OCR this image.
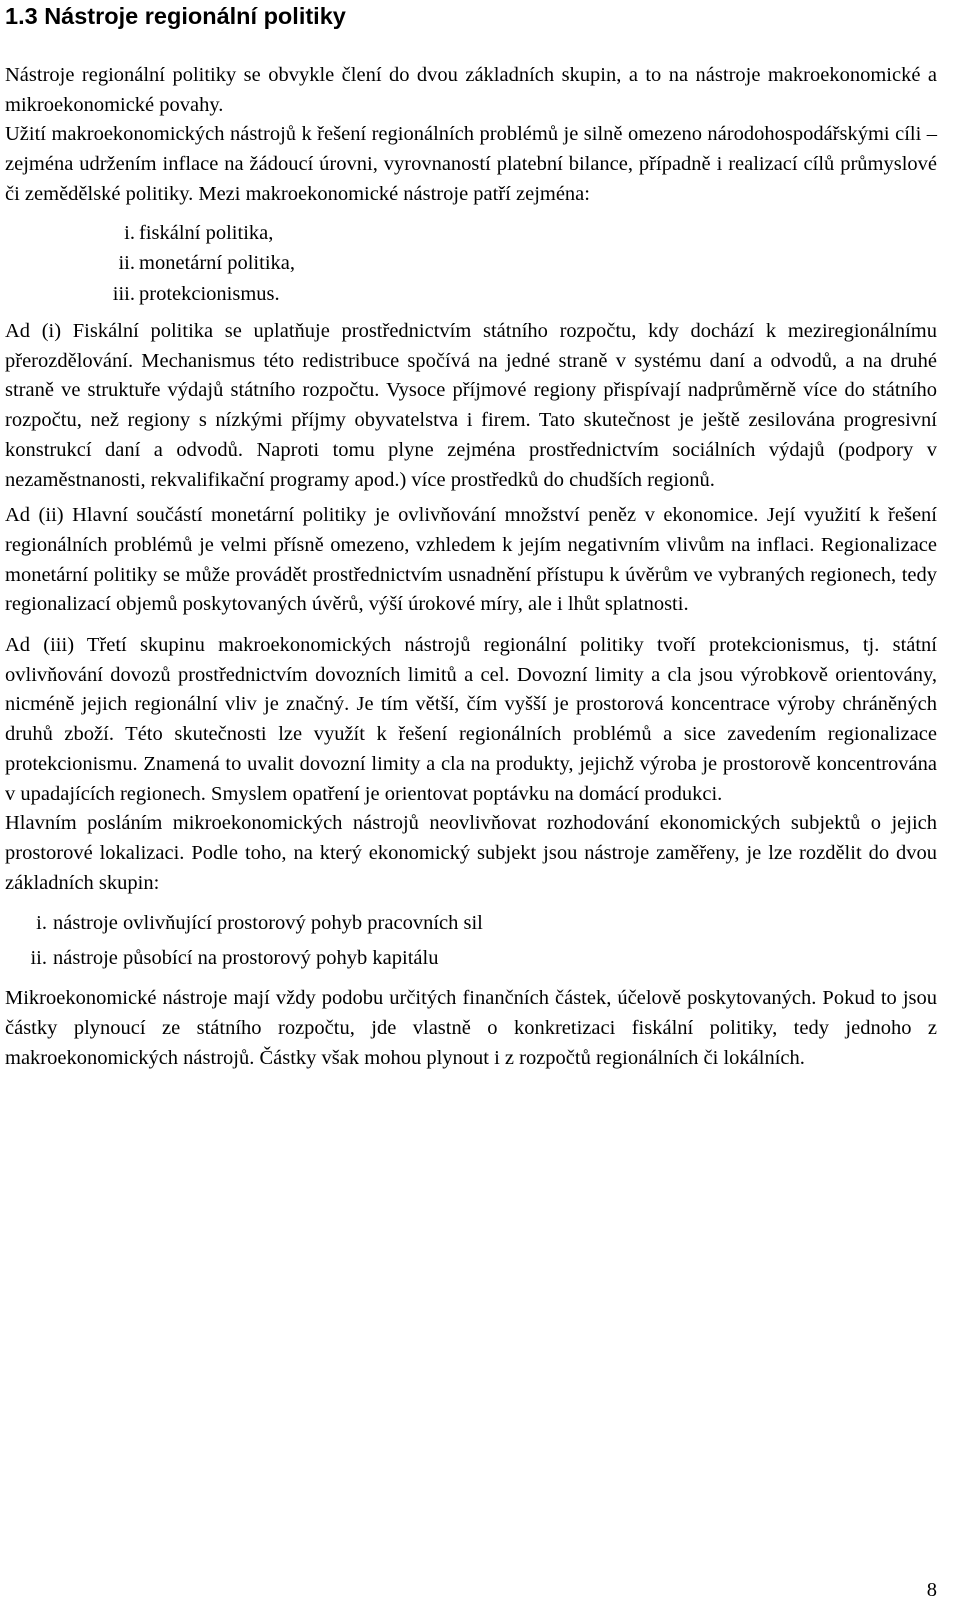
1.3 Nástroje regionální politiky

Nástroje regionální politiky se obvykle člení do dvou základních skupin, a to na nástroje makroekonomické a mikroekonomické povahy.

Užití makroekonomických nástrojů k řešení regionálních problémů je silně omezeno národohospodářskými cíli – zejména udržením inflace na žádoucí úrovni, vyrovnaností platební bilance, případně i realizací cílů průmyslové či zemědělské politiky. Mezi makroekonomické nástroje patří zejména:

i. fiskální politika,
ii. monetární politika,
iii. protekcionismus.

Ad (i) Fiskální politika se uplatňuje prostřednictvím státního rozpočtu, kdy dochází k meziregionálnímu přerozdělování. Mechanismus této redistribuce spočívá na jedné straně v systému daní a odvodů, a na druhé straně ve struktuře výdajů státního rozpočtu. Vysoce příjmové regiony přispívají nadprůměrně více do státního rozpočtu, než regiony s nízkými příjmy obyvatelstva i firem. Tato skutečnost je ještě zesilována progresivní konstrukcí daní a odvodů. Naproti tomu plyne zejména prostřednictvím sociálních výdajů (podpory v nezaměstnanosti, rekvalifikační programy apod.) více prostředků do chudších regionů.

Ad (ii) Hlavní součástí monetární politiky je ovlivňování množství peněz v ekonomice. Její využití k řešení regionálních problémů je velmi přísně omezeno, vzhledem k jejím negativním vlivům na inflaci. Regionalizace monetární politiky se může provádět prostřednictvím usnadnění přístupu k úvěrům ve vybraných regionech, tedy regionalizací objemů poskytovaných úvěrů, výší úrokové míry, ale i lhůt splatnosti.

Ad (iii) Třetí skupinu makroekonomických nástrojů regionální politiky tvoří protekcionismus, tj. státní ovlivňování dovozů prostřednictvím dovozních limitů a cel. Dovozní limity a cla jsou výrobkově orientovány, nicméně jejich regionální vliv je značný. Je tím větší, čím vyšší je prostorová koncentrace výroby chráněných druhů zboží. Této skutečnosti lze využít k řešení regionálních problémů a sice zavedením regionalizace protekcionismu. Znamená to uvalit dovozní limity a cla na produkty, jejichž výroba je prostorově koncentrována v upadajících regionech. Smyslem opatření je orientovat poptávku na domácí produkci.

Hlavním posláním mikroekonomických nástrojů neovlivňovat rozhodování ekonomických subjektů o jejich prostorové lokalizaci. Podle toho, na který ekonomický subjekt jsou nástroje zaměřeny, je lze rozdělit do dvou základních skupin:

i. nástroje ovlivňující prostorový pohyb pracovních sil
ii. nástroje působící na prostorový pohyb kapitálu

Mikroekonomické nástroje mají vždy podobu určitých finančních částek, účelově poskytovaných. Pokud to jsou částky plynoucí ze státního rozpočtu, jde vlastně o konkretizaci fiskální politiky, tedy jednoho z makroekonomických nástrojů. Částky však mohou plynout i z rozpočtů regionálních či lokálních.

8
